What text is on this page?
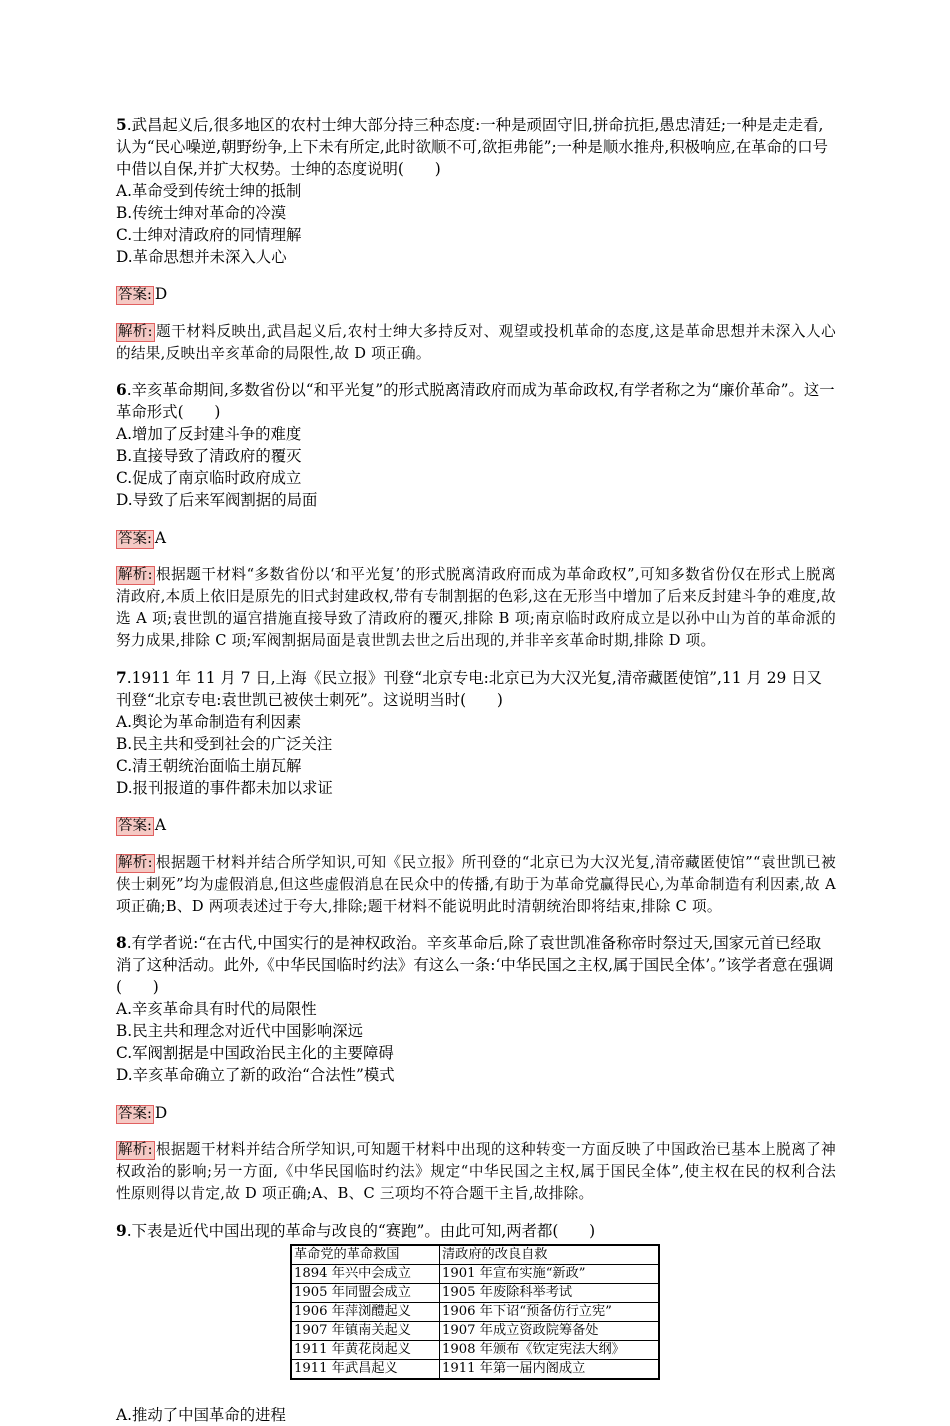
5.武昌起义后,很多地区的农村士绅大部分持三种态度:一种是顽固守旧,拼命抗拒,愚忠清廷;一种是走走看,认为“民心噪逆,朝野纷争,上下未有所定,此时欲顺不可,欲拒弗能”;一种是顺水推舟,积极响应,在革命的口号中借以自保,并扩大权势。士绅的态度说明(　　)

A.革命受到传统士绅的抵制

B.传统士绅对革命的冷漠

C.士绅对清政府的同情理解

D.革命思想并未深入人心

答案: D

解析: 题干材料反映出,武昌起义后,农村士绅大多持反对、观望或投机革命的态度,这是革命思想并未深入人心的结果,反映出辛亥革命的局限性,故 D 项正确。

6.辛亥革命期间,多数省份以“和平光复”的形式脱离清政府而成为革命政权,有学者称之为“廉价革命”。这一革命形式(　　)

A.增加了反封建斗争的难度

B.直接导致了清政府的覆灭

C.促成了南京临时政府成立

D.导致了后来军阀割据的局面

答案: A

解析: 根据题干材料“多数省份以‘和平光复’的形式脱离清政府而成为革命政权”,可知多数省份仅在形式上脱离清政府,本质上依旧是原先的旧式封建政权,带有专制割据的色彩,这在无形当中增加了后来反封建斗争的难度,故选 A 项;袁世凯的逼宫措施直接导致了清政府的覆灭,排除 B 项;南京临时政府成立是以孙中山为首的革命派的努力成果,排除 C 项;军阀割据局面是袁世凯去世之后出现的,并非辛亥革命时期,排除 D 项。

7.1911 年 11 月 7 日,上海《民立报》刊登“北京专电:北京已为大汉光复,清帝藏匿使馆”,11 月 29 日又刊登“北京专电:袁世凯已被侠士刺死”。这说明当时(　　)

A.舆论为革命制造有利因素

B.民主共和受到社会的广泛关注

C.清王朝统治面临土崩瓦解

D.报刊报道的事件都未加以求证

答案: A

解析: 根据题干材料并结合所学知识,可知《民立报》所刊登的“北京已为大汉光复,清帝藏匿使馆”“袁世凯已被侠士刺死”均为虚假消息,但这些虚假消息在民众中的传播,有助于为革命党赢得民心,为革命制造有利因素,故 A 项正确;B、D 两项表述过于夸大,排除;题干材料不能说明此时清朝统治即将结束,排除 C 项。

8.有学者说:“在古代,中国实行的是神权政治。辛亥革命后,除了袁世凯准备称帝时祭过天,国家元首已经取消了这种活动。此外,《中华民国临时约法》有这么一条:‘中华民国之主权,属于国民全体’。”该学者意在强调(　　)

A.辛亥革命具有时代的局限性

B.民主共和理念对近代中国影响深远

C.军阀割据是中国政治民主化的主要障碍

D.辛亥革命确立了新的政治“合法性”模式

答案: D

解析: 根据题干材料并结合所学知识,可知题干材料中出现的这种转变一方面反映了中国政治已基本上脱离了神权政治的影响;另一方面,《中华民国临时约法》规定“中华民国之主权,属于国民全体”,使主权在民的权利合法性原则得以肯定,故 D 项正确;A、B、C 三项均不符合题干主旨,故排除。

9.下表是近代中国出现的革命与改良的“赛跑”。由此可知,两者都(　　)

革命党的革命救国	清政府的改良自救
1894 年兴中会成立	1901 年宣布实施“新政”
1905 年同盟会成立	1905 年废除科举考试
1906 年萍浏醴起义	1906 年下诏“预备仿行立宪”
1907 年镇南关起义	1907 年成立资政院筹备处
1911 年黄花岗起义	1908 年颁布《钦定宪法大纲》
1911 年武昌起义	1911 年第一届内阁成立

A.推动了中国革命的进程
